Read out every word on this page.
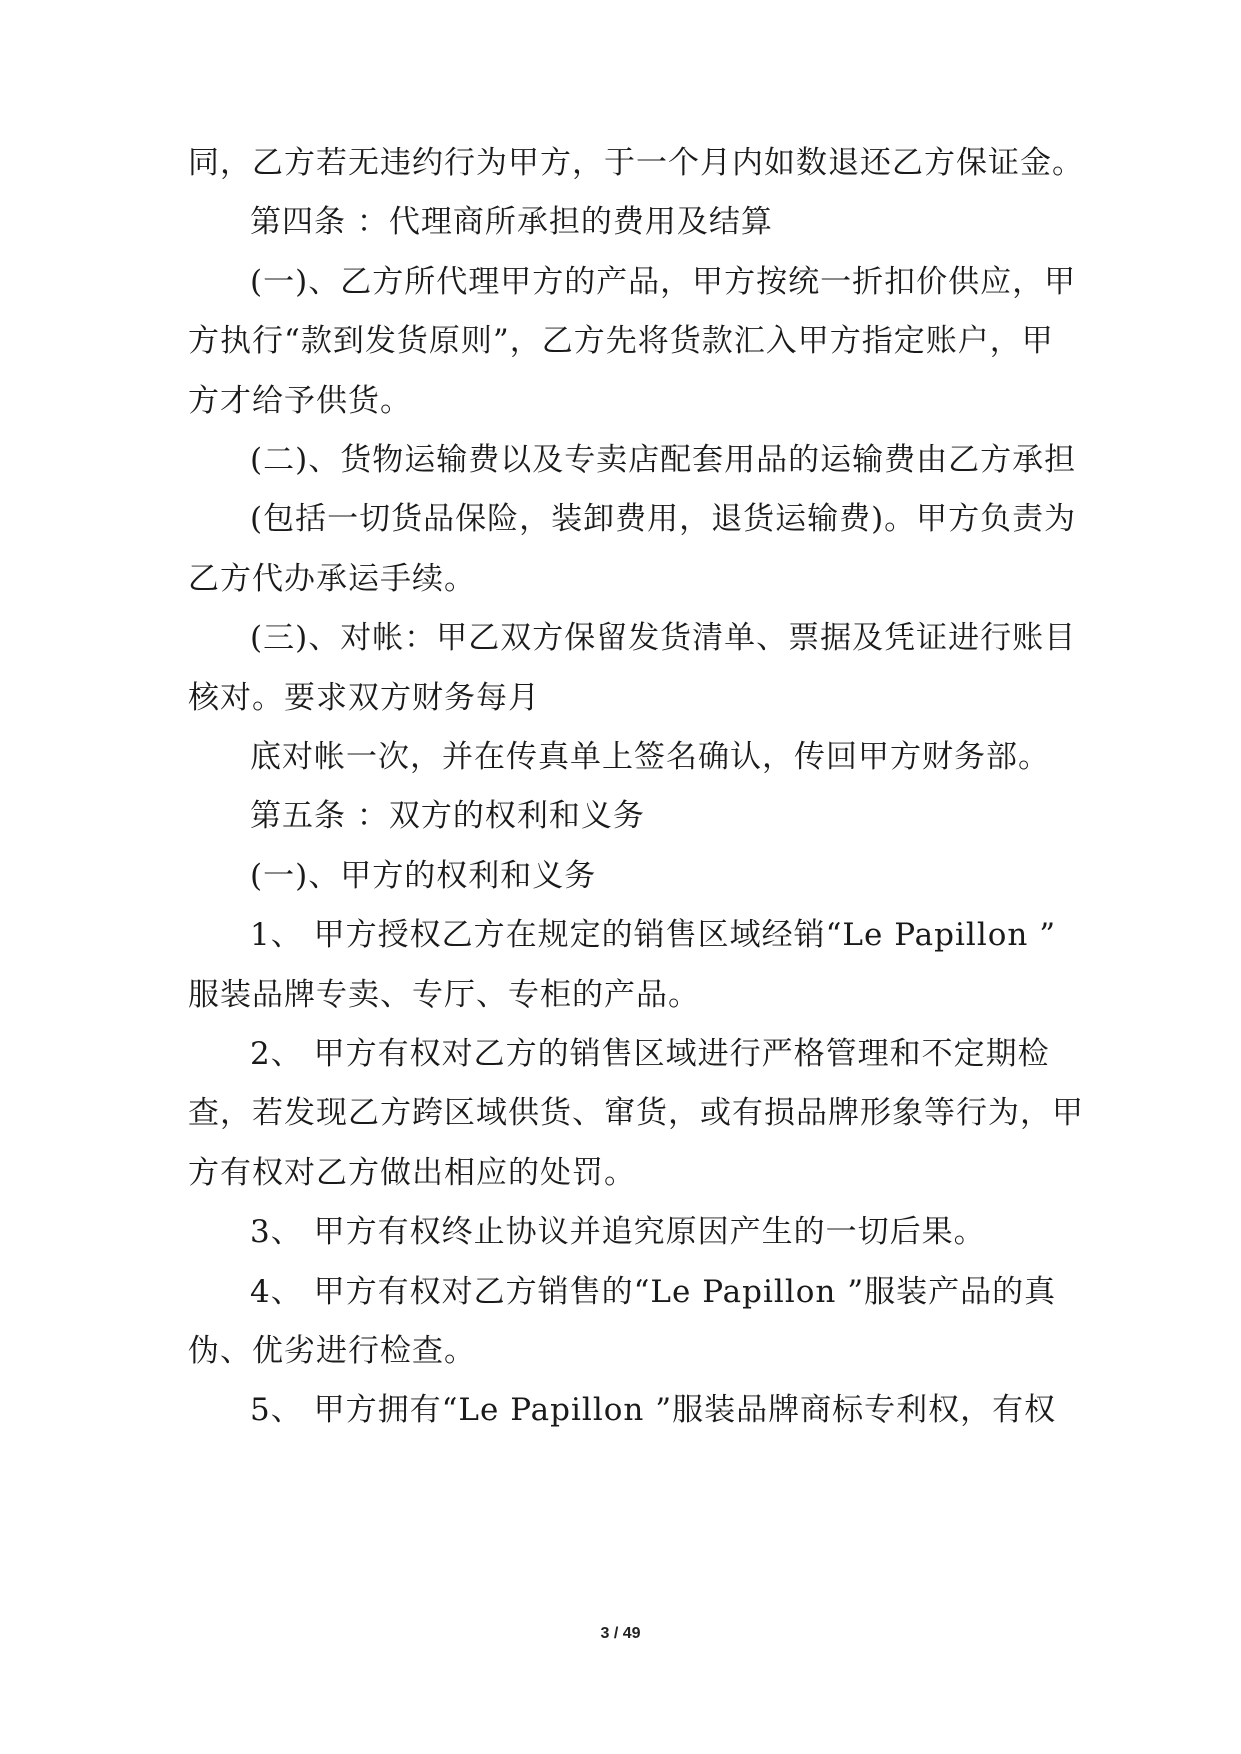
同，乙方若无违约行为甲方，于一个月内如数退还乙方保证金。
第四条 ：代理商所承担的费用及结算
(一)、乙方所代理甲方的产品，甲方按统一折扣价供应，甲
方执行“款到发货原则”，乙方先将货款汇入甲方指定账户，甲
方才给予供货。
(二)、货物运输费以及专卖店配套用品的运输费由乙方承担
(包括一切货品保险，装卸费用，退货运输费)。甲方负责为
乙方代办承运手续。
(三)、对帐：甲乙双方保留发货清单、票据及凭证进行账目
核对。要求双方财务每月
底对帐一次，并在传真单上签名确认，传回甲方财务部。
第五条 ：双方的权利和义务
(一)、甲方的权利和义务
1、 甲方授权乙方在规定的销售区域经销“Le Papillon ”
服装品牌专卖、专厅、专柜的产品。
2、 甲方有权对乙方的销售区域进行严格管理和不定期检
查，若发现乙方跨区域供货、窜货，或有损品牌形象等行为，甲
方有权对乙方做出相应的处罚。
3、 甲方有权终止协议并追究原因产生的一切后果。
4、 甲方有权对乙方销售的“Le Papillon ”服装产品的真
伪、优劣进行检查。
5、 甲方拥有“Le Papillon ”服装品牌商标专利权，有权
3 / 49
